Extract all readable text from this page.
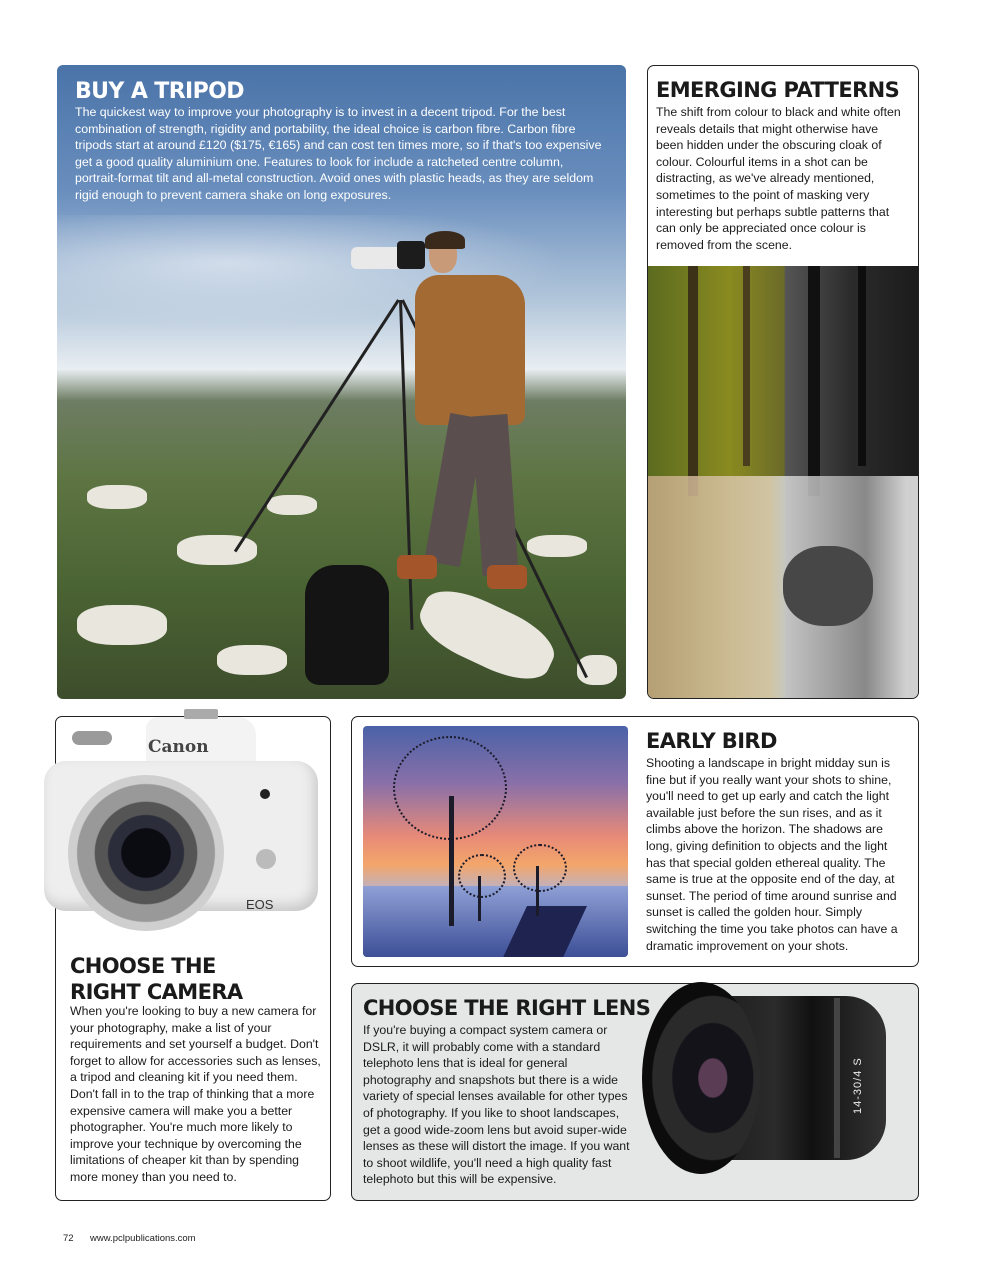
BUY A TRIPOD

The quickest way to improve your photography is to invest in a decent tripod. For the best combination of strength, rigidity and portability, the ideal choice is carbon fibre. Carbon fibre tripods start at around £120 ($175, €165) and can cost ten times more, so if that's too expensive get a good quality aluminium one. Features to look for include a ratcheted centre column, portrait-format tilt and all-metal construction. Avoid ones with plastic heads, as they are seldom rigid enough to prevent camera shake on long exposures.

EMERGING PATTERNS

The shift from colour to black and white often reveals details that might otherwise have been hidden under the obscuring cloak of colour. Colourful items in a shot can be distracting, as we've already mentioned, sometimes to the point of masking very interesting but perhaps subtle patterns that can only be appreciated once colour is removed from the scene.

Canon
EOS
CHOOSE THE RIGHT CAMERA

When you're looking to buy a new camera for your photography, make a list of your requirements and set yourself a budget. Don't forget to allow for accessories such as lenses, a tripod and cleaning kit if you need them. Don't fall in to the trap of thinking that a more expensive camera will make you a better photographer. You're much more likely to improve your technique by overcoming the limitations of cheaper kit than by spending more money than you need to.

EARLY BIRD

Shooting a landscape in bright midday sun is fine but if you really want your shots to shine, you'll need to get up early and catch the light available just before the sun rises, and as it climbs above the horizon. The shadows are long, giving definition to objects and the light has that special golden ethereal quality. The same is true at the opposite end of the day, at sunset. The period of time around sunrise and sunset is called the golden hour. Simply switching the time you take photos can have a dramatic improvement on your shots.

CHOOSE THE RIGHT LENS

If you're buying a compact system camera or DSLR, it will probably come with a standard telephoto lens that is ideal for general photography and snapshots but there is a wide variety of special lenses available for other types of photography. If you like to shoot landscapes, get a good wide-zoom lens but avoid super-wide lenses as these will distort the image. If you want to shoot wildlife, you'll need a high quality fast telephoto but this will be expensive.

14-30/4 S
72 www.pclpublications.com
